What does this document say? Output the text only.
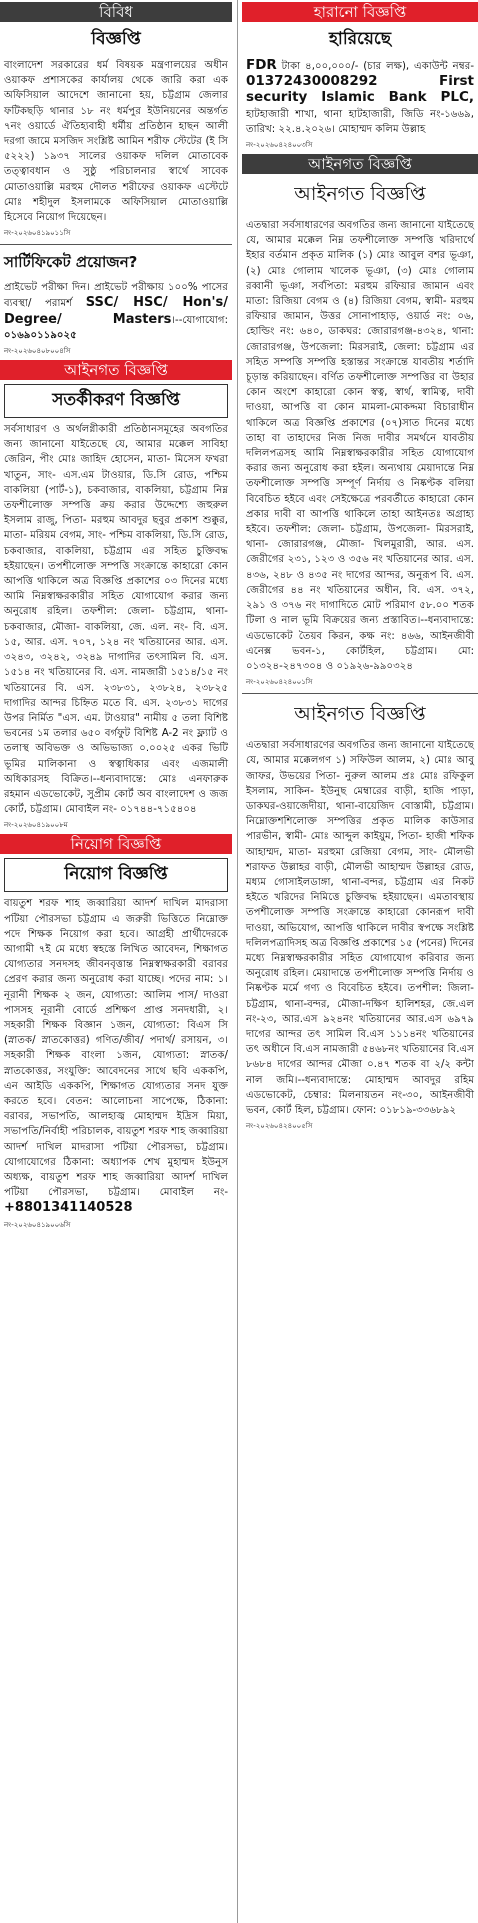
বিবিধ
বিজ্ঞপ্তি

বাংলাদেশ সরকারের ধর্ম বিষয়ক মন্ত্রণালয়ের অধীন ওয়াকফ প্রশাসকের কার্যালয় থেকে জারি করা এক অফিসিয়াল আদেশে জানানো হয়, চট্টগ্রাম জেলার ফটিকছড়ি থানার ১৮ নং ধর্মপুর ইউনিয়নের অন্তর্গত ৭নং ওয়ার্ডে ঐতিহ্যবাহী ধর্মীয় প্রতিষ্ঠান হাছন আলী দরগা জামে মসজিদ সংশ্লিষ্ট আমিন শরীফ স্টেটের (ই সি ৫২২২) ১৯৩৭ সালের ওয়াকফ দলিল মোতাবেক তত্ত্বাবধান ও সুষ্ঠু পরিচালনার স্বার্থে সাবেক মোতাওয়াল্লি মরহুম দৌলত শরীফের ওয়াকফ এস্টেটে মোঃ শহীদুল ইসলামকে অফিসিয়াল মোতাওয়াল্লি হিসেবে নিয়োগ দিয়েছেন।

নং-২০২৬০৪১৯০১১সি
সার্টিফিকেট প্রয়োজন?

প্রাইভেট পরীক্ষা দিন। প্রাইভেট পরীক্ষায় ১০০% পাসের ব্যবস্থা/ পরামর্শ SSC/ HSC/ Hon's/ Degree/ Masters।--যোগাযোগ: ০১৬৯০১১৯০২৫

নং-২০২৬০৪০৮০০৪সি
আইনগত বিজ্ঞপ্তি
সতর্কীকরণ বিজ্ঞপ্তি

সর্বসাধারণ ও অর্থলগ্নীকারী প্রতিষ্ঠানসমূহের অবগতির জন্য জানানো যাইতেছে যে, আমার মক্কেল সাবিহা জেরিন, পীং মোঃ জাহিদ হোসেন, মাতা- মিসেস ফখরা খাতুন, সাং- এস.এম টাওয়ার, ডি.সি রোড, পশ্চিম বাকলিয়া (পার্ট-১), চকবাজার, বাকলিয়া, চট্টগ্রাম নিম্ন তফশীলোক্ত সম্পত্তি ক্রয় করার উদ্দেশ্যে জহুরুল ইসলাম রাজু, পিতা- মরহুম আবদুর ছবুর প্রকাশ শুক্কুর, মাতা- মরিয়ম বেগম, সাং- পশ্চিম বাকলিয়া, ডি.সি রোড, চকবাজার, বাকলিয়া, চট্টগ্রাম এর সহিত চুক্তিবদ্ধ হইয়াছেন। তপশীলোক্ত সম্পত্তি সংক্রান্তে কাহারো কোন আপত্তি থাকিলে অত্র বিজ্ঞপ্তি প্রকাশের ০৩ দিনের মধ্যে আমি নিম্নস্বাক্ষরকারীর সহিত যোগাযোগ করার জন্য অনুরোধ রহিল। তফশীল: জেলা- চট্টগ্রাম, থানা- চকবাজার, মৌজা- বাকলিয়া, জে. এল. নং- বি. এস. ১৫, আর. এস. ৭০৭, ১২৪ নং খতিয়ানের আর. এস. ৩২৪৩, ৩২৪২, ৩২৪৯ দাগাদির তৎসামিল বি. এস. ১৫১৪ নং খতিয়ানের বি. এস. নামজারী ১৫১৪/১৫ নং খতিয়ানের বি. এস. ২৩৮৩১, ২৩৮২৪, ২৩৮২৫ দাগাদির আন্দর চিহ্নিত মতে বি. এস. ২৩৮৩১ দাগের উপর নির্মিত "এস. এম. টাওয়ার" নামীয় ৫ তলা বিশিষ্ট ভবনের ১ম তলার ৬৫০ বর্গফুট বিশিষ্ট A-2 নং ফ্ল্যাট ও তলাস্থ অবিভক্ত ও অভিভাজ্য ০.০০২৫ একর ভিটি ভূমির মালিকানা ও স্বত্বাধিকার এবং এজমালী অধিকারসহ বিক্রিত।--ধন্যবাদান্তে: মোঃ এনফারুক রহমান এডভোকেট, সুপ্রীম কোর্ট অব বাংলাদেশ ও জজ কোর্ট, চট্টগ্রাম। মোবাইল নং- ০১৭৪৪-৭১৫৪০৪

নং-২০২৬০৪১৯০০৮ম
নিয়োগ বিজ্ঞপ্তি
নিয়োগ বিজ্ঞপ্তি

বায়তুশ শরফ শাহ জব্বারিয়া আদর্শ দাখিল মাদরাসা পটিয়া পৌরসভা চট্টগ্রাম এ জরুরী ভিত্তিতে নিম্নোক্ত পদে শিক্ষক নিয়োগ করা হবে। আগ্রহী প্রার্থীদেরকে আগামী ৭ই মে মধ্যে স্বহস্তে লিখিত আবেদন, শিক্ষাগত যোগ্যতার সনদসহ জীবনবৃত্তান্ত নিম্নস্বাক্ষরকারী বরাবর প্রেরণ করার জন্য অনুরোধ করা যাচ্ছে। পদের নাম: ১। নূরানী শিক্ষক ২ জন, যোগ্যতা: আলিম পাস/ দাওরা পাসসহ নূরানী বোর্ডে প্রশিক্ষণ প্রাপ্ত সনদধারী, ২। সহকারী শিক্ষক বিজ্ঞান ১জন, যোগ্যতা: বিএস সি (স্নাতক/ স্নাতকোত্তর) গণিত/জীব/ পদার্থ/ রসায়ন, ৩। সহকারী শিক্ষক বাংলা ১জন, যোগ্যতা: স্নাতক/ স্নাতকোত্তর, সংযুক্তি: আবেদনের সাথে ছবি এককপি, এন আইডি এককপি, শিক্ষাগত যোগ্যতার সনদ যুক্ত করতে হবে। বেতন: আলোচনা সাপেক্ষে, ঠিকানা: বরাবর, সভাপতি, আলহাজ্ব মোহাম্মদ ইদ্রিস মিয়া, সভাপতি/নির্বাহী পরিচালক, বায়তুশ শরফ শাহ জব্বারিয়া আদর্শ দাখিল মাদরাসা পটিয়া পৌরসভা, চট্টগ্রাম। যোগাযোগের ঠিকানা: অধ্যাপক শেখ মুহাম্মদ ইউনুস অধ্যক্ষ, বায়তুশ শরফ শাহ জব্বারিয়া আদর্শ দাখিল পটিয়া পৌরসভা, চট্টগ্রাম। মোবাইল নং-+8801341140528

নং-২০২৬০৪১৯০০৬সি
হারানো বিজ্ঞপ্তি
হারিয়েছে

FDR টাকা ৪,০০,০০০/- (চার লক্ষ), একাউন্ট নম্বর- 01372430008292	First security Islamic Bank PLC, হাটহাজারী শাখা, থানা হাটহাজারী, জিডি নং-১৬৬৯, তারিখ: ২২.৪.২০২৬। মোহাম্মদ কলিম উল্লাহ

নং-২০২৬০৪২৪০০৩সি
আইনগত বিজ্ঞপ্তি
আইনগত বিজ্ঞপ্তি

এতদ্বারা সর্বসাধারণের অবগতির জন্য জানানো যাইতেছে যে, আমার মক্কেল নিম্ন তফশীলোক্ত সম্পত্তি খরিদার্থে ইহার বর্তমান প্রকৃত মালিক (১) মোঃ আবুল বশর ভূঞা, (২) মোঃ গোলাম খালেক ভূঞা, (৩) মোঃ গোলাম রব্বানী ভূঞা, সর্বপিতা: মরহুম রফিয়ার জামান এবং মাতা: রিজিয়া বেগম ও (৪) রিজিয়া বেগম, স্বামী- মরহুম রফিয়ার জামান, উত্তর সোনাপাহাড়, ওয়ার্ড নং: ০৬, হোল্ডিং নং: ৬৪০, ডাকঘর: জোরারগঞ্জ-৪৩২৪, থানা: জোরারগঞ্জ, উপজেলা: মিরসরাই, জেলা: চট্টগ্রাম এর সহিত সম্পত্তি সম্পত্তি হস্তান্তর সংক্রান্তে যাবতীয় শর্তাদি চূড়ান্ত করিয়াছেন। বর্ণিত তফশীলোক্ত সম্পত্তির বা উহার কোন অংশে কাহারো কোন স্বত্ব, স্বার্থ, স্বামিত্ব, দাবী দাওয়া, আপত্তি বা কোন মামলা-মোকদ্দমা বিচারাধীন থাকিলে অত্র বিজ্ঞপ্তি প্রকাশের (০৭)সাত দিনের মধ্যে তাহা বা তাহাদের নিজ নিজ দাবীর সমর্থনে যাবতীয় দলিলপত্রসহ আমি নিম্নস্বাক্ষরকারীর সহিত যোগাযোগ করার জন্য অনুরোধ করা হইল। অন্যথায় মেয়াদান্তে নিম্ন তফশীলোক্ত সম্পত্তি সম্পূর্ণ নির্দায় ও নিষ্কণ্টক বলিয়া বিবেচিত হইবে এবং সেইক্ষেত্রে পরবর্তীতে কাহারো কোন প্রকার দাবী বা আপত্তি থাকিলে তাহা আইনতঃ অগ্রাহ্য হইবে। তফশীল: জেলা- চট্টগ্রাম, উপজেলা- মিরসরাই, থানা- জোরারগঞ্জ, মৌজা- খিলমুরারী, আর. এস. জেরীগের ২৩১, ১২৩ ও ৩৫৬ নং খতিয়ানের আর. এস. ৪৩৬, ২৪৮ ও ৪৩৫ নং দাগের আন্দর, অনুরূপ বি. এস. জেরীগের ৪৪ নং খতিয়ানের অধীন, বি. এস. ৩৭২, ২৯১ ও ৩৭৬ নং দাগাদিতে মোট পরিমাণ ৫৮.০০ শতক টিলা ও নাল ভূমি বিক্রয়ের জন্য প্রস্তাবিত।--ধন্যবাদান্তে: এডভোকেট তৈয়ব কিরন, কক্ষ নং: ৪৬৬, আইনজীবী এনেক্স ভবন-১, কোর্টহিল, চট্টগ্রাম। মো: ০১৩২৪-২৪৭৩০৪ ও ০১৯২৬-৯৯০৩২৪

নং-২০২৬০৪২৪০০১সি
আইনগত বিজ্ঞপ্তি

এতদ্বারা সর্বসাধারণের অবগতির জন্য জানানো যাইতেছে যে, আমার মক্কেলগণ ১) সফিউল আলম, ২) মোঃ আবু জাফর, উভয়ের পিতা- নুরুল আলম প্রঃ মোঃ রফিকুল ইসলাম, সাকিন- ইউনুছ মেম্বারের বাড়ী, হাজি পাড়া, ডাকঘর-ওয়াজেদীয়া, থানা-বায়েজিদ বোস্তামী, চট্টগ্রাম। নিম্নোক্তশশিলোক্ত সম্পত্তির প্রকৃত মালিক কাউসার পারভীন, স্বামী- মোঃ আব্দুল কাইয়ুম, পিতা- হাজী শফিক আহাম্মদ, মাতা- মরহুমা রেজিয়া বেগম, সাং- মৌলভী শরাফত উল্লাহর বাড়ী, মৌলভী আহাম্মদ উল্লাহর রোড, মধ্যম গোসাইলডাঙ্গা, থানা-বন্দর, চট্টগ্রাম এর নিকট হইতে খরিদের নিমিত্তে চুক্তিবদ্ধ হইয়াছেন। এমতাবস্থায় তপশীলোক্ত সম্পত্তি সংক্রান্তে কাহারো কোনরূপ দাবী দাওয়া, অভিযোগ, আপত্তি থাকিলে দাবীর স্বপক্ষে সংশ্লিষ্ট দলিলপত্রাদিসহ অত্র বিজ্ঞপ্তি প্রকাশের ১৫ (পনের) দিনের মধ্যে নিম্নস্বাক্ষরকারীর সহিত যোগাযোগ করিবার জন্য অনুরোধ রহিল। মেয়াদান্তে তপশীলোক্ত সম্পত্তি নির্দায় ও নিষ্কণ্টক মর্মে গণ্য ও বিবেচিত হইবে। তপশীল: জিলা- চট্টগ্রাম, থানা-বন্দর, মৌজা-দক্ষিণ হালিশহর, জে.এল নং-২৩, আর.এস ৯২৪নং খতিয়ানের আর.এস ৬৯৭৯ দাগের আন্দর তৎ সামিল বি.এস ১১১৪নং খতিয়ানের তৎ অধীনে বি.এস নামজারী ৫৪৬৮নং খতিয়ানের বি.এস ৮৬৮৪ দাগের আন্দর মৌজা ০.৪৭ শতক বা ২/২ কন্টা নাল জমি।--ধন্যবাদান্তে: মোহাম্মদ আবদুর রহিম এডভোকেট, চেম্বার: মিলনায়তন নং-৩০, আইনজীবী ভবন, কোর্ট হিল, চট্টগ্রাম। ফোন: ০১৮১৯-৩৩৬৮৯২

নং-২০২৬০৪২৪০০৫সি
